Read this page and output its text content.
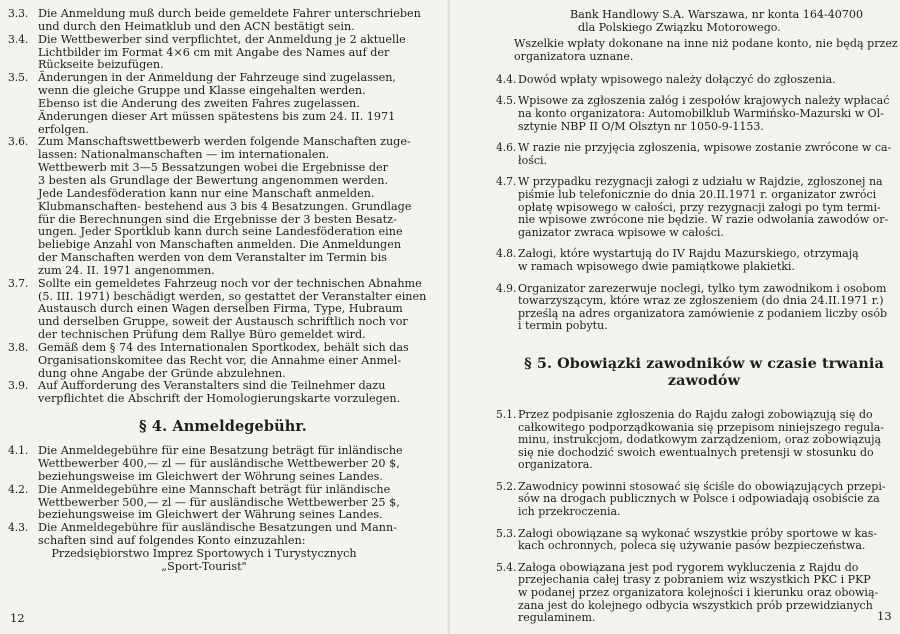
3.3. Die Anmeldung muß durch beide gemeldete Fahrer unterschrieben
und durch den Heimatklub und den ACN bestätigt sein.
3.4. Die Wettbewerber sind verpflichtet, der Anmeldung je 2 aktuelle
Lichtbilder im Format 4×6 cm mit Angabe des Names auf der
Rückseite beizufügen.
3.5. Änderungen in der Anmeldung der Fahrzeuge sind zugelassen,
wenn die gleiche Gruppe und Klasse eingehalten werden.
Ebenso ist die Anderung des zweiten Fahres zugelassen.
Änderungen dieser Art müssen spätestens bis zum 24. II. 1971
erfolgen.
3.6. Zum Manschaftswettbewerb werden folgende Manschaften zuge-
lassen: Nationalmanschaften — im internationalen.
Wettbewerb mit 3—5 Bessatzungen wobei die Ergebnisse der
3 besten als Grundlage der Bewertung angenommen werden.
Jede Landesföderation kann nur eine Manschaft anmelden.
Klubmanschaften- bestehend aus 3 bis 4 Besatzungen. Grundlage
für die Berechnungen sind die Ergebnisse der 3 besten Besatz-
ungen. Jeder Sportklub kann durch seine Landesföderation eine
beliebige Anzahl von Manschaften anmelden. Die Anmeldungen
der Manschaften werden von dem Veranstalter im Termin bis
zum 24. II. 1971 angenommen.
3.7. Sollte ein gemeldetes Fahrzeug noch vor der technischen Abnahme
(5. III. 1971) beschädigt werden, so gestattet der Veranstalter einen
Austausch durch einen Wagen derselben Firma, Type, Hubraum
und derselben Gruppe, soweit der Austausch schriftlich noch vor
der technischen Prüfung dem Rallye Büro gemeldet wird.
3.8. Gemäß dem § 74 des Internationalen Sportkodex, behält sich das
Organisationskomitee das Recht vor, die Annahme einer Anmel-
dung ohne Angabe der Gründe abzulehnen.
3.9. Auf Aufforderung des Veranstalters sind die Teilnehmer dazu
verpflichtet die Abschrift der Homologierungskarte vorzulegen.
§ 4. Anmeldegebühr.
4.1. Die Anmeldegebühre für eine Besatzung beträgt für inländische
Wettbewerber 400,— zl — für ausländische Wettbewerber 20 $,
beziehungsweise im Gleichwert der Wöhrung seines Landes.
4.2. Die Anmeldegebühre eine Mannschaft beträgt für inländische
Wettbewerber 500,— zl — für ausländische Wettbewerber 25 $,
beziehungsweise im Gleichwert der Währung seines Landes.
4.3. Die Anmeldegebühre für ausländische Besatzungen und Mann-
schaften sind auf folgendes Konto einzuzahlen:
Przedsiębiorstwo Imprez Sportowych i Turystycznych
„Sport-Tourist"
12
Bank Handlowy S.A. Warszawa, nr konta 164-40700
dla Polskiego Związku Motorowego.
Wszelkie wpłaty dokonane na inne niż podane konto, nie będą przez
organizatora uznane.
4.4. Dowód wpłaty wpisowego należy dołączyć do zgłoszenia.
4.5. Wpisowe za zgłoszenia załóg i zespołów krajowych należy wpłacać
na konto organizatora: Automobilklub Warmińsko-Mazurski w Ol-
sztynie NBP II O/M Olsztyn nr 1050-9-1153.
4.6. W razie nie przyjęcia zgłoszenia, wpisowe zostanie zwrócone w ca-
łości.
4.7. W przypadku rezygnacji załogi z udziału w Rajdzie, zgłoszonej na
piśmie lub telefonicznie do dnia 20.II.1971 r. organizator zwróci
opłatę wpisowego w całości, przy rezygnacji załogi po tym termi-
nie wpisowe zwrócone nie będzie. W razie odwołania zawodów or-
ganizator zwraca wpisowe w całości.
4.8. Załogi, które wystartują do IV Rajdu Mazurskiego, otrzymają
w ramach wpisowego dwie pamiątkowe plakietki.
4.9. Organizator zarezerwuje noclegi, tylko tym zawodnikom i osobom
towarzyszącym, które wraz ze zgłoszeniem (do dnia 24.II.1971 r.)
prześlą na adres organizatora zamówienie z podaniem liczby osób
i termin pobytu.
§ 5. Obowiązki zawodników w czasie trwania zawodów
5.1. Przez podpisanie zgłoszenia do Rajdu załogi zobowiązują się do
całkowitego podporządkowania się przepisom niniejszego regula-
minu, instrukcjom, dodatkowym zarządzeniom, oraz zobowiązują
się nie dochodzić swoich ewentualnych pretensji w stosunku do
organizatora.
5.2. Zawodnicy powinni stosować się ściśle do obowiązujących przepi-
sów na drogach publicznych w Polsce i odpowiadają osobiście za
ich przekroczenia.
5.3. Załogi obowiązane są wykonać wszystkie próby sportowe w kas-
kach ochronnych, poleca się używanie pasów bezpieczeństwa.
5.4. Załoga obowiązana jest pod rygorem wykluczenia z Rajdu do
przejechania całej trasy z pobraniem wiz wszystkich PKC i PKP
w podanej przez organizatora kolejności i kierunku oraz obowią-
zana jest do kolejnego odbycia wszystkich prób przewidzianych
regulaminem.	13
